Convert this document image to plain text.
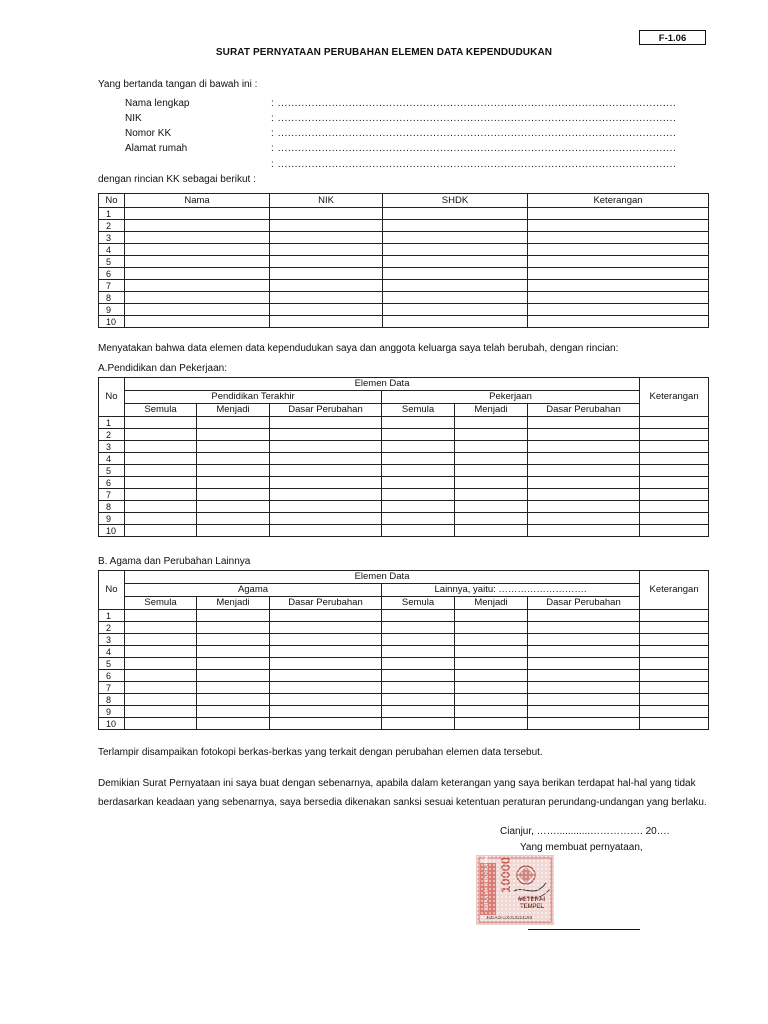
F-1.06
SURAT PERNYATAAN PERUBAHAN ELEMEN DATA KEPENDUDUKAN
Yang bertanda tangan di bawah ini :
Nama lengkap	: ......................................................................................................................
NIK	: ......................................................................................................................
Nomor KK	: ......................................................................................................................
Alamat rumah	: ......................................................................................................................
: ......................................................................................................................
dengan rincian KK sebagai berikut :
No	Nama	NIK	SHDK	Keterangan
1				
2				
3				
4				
5				
6				
7				
8				
9				
10				
Menyatakan bahwa data elemen data kependudukan saya dan anggota keluarga saya telah berubah, dengan rincian:
A.Pendidikan dan Pekerjaan:
No	Elemen Data						Keterangan
	Pendidikan Terakhir			Pekerjaan			
	Semula	Menjadi	Dasar Perubahan	Semula	Menjadi	Dasar Perubahan	
1							
2							
3							
4							
5							
6							
7							
8							
9							
10							
B. Agama dan Perubahan Lainnya
No	Elemen Data						Keterangan
	Agama			Lainnya, yaitu: ……………………….			
	Semula	Menjadi	Dasar Perubahan	Semula	Menjadi	Dasar Perubahan	
1							
2							
3							
4							
5							
6							
7							
8							
9							
10							
Terlampir disampaikan fotokopi berkas-berkas yang terkait dengan perubahan elemen data tersebut.
Demikian Surat Pernyataan ini saya buat dengan sebenarnya, apabila dalam keterangan yang saya berikan terdapat hal-hal yang tidak
berdasarkan keadaan yang sebenarnya, saya bersedia dikenakan sanksi sesuai ketentuan peraturan perundang-undangan yang berlaku.
Cianjur, ……............……………. 20….
Yang membuat pernyataan,
